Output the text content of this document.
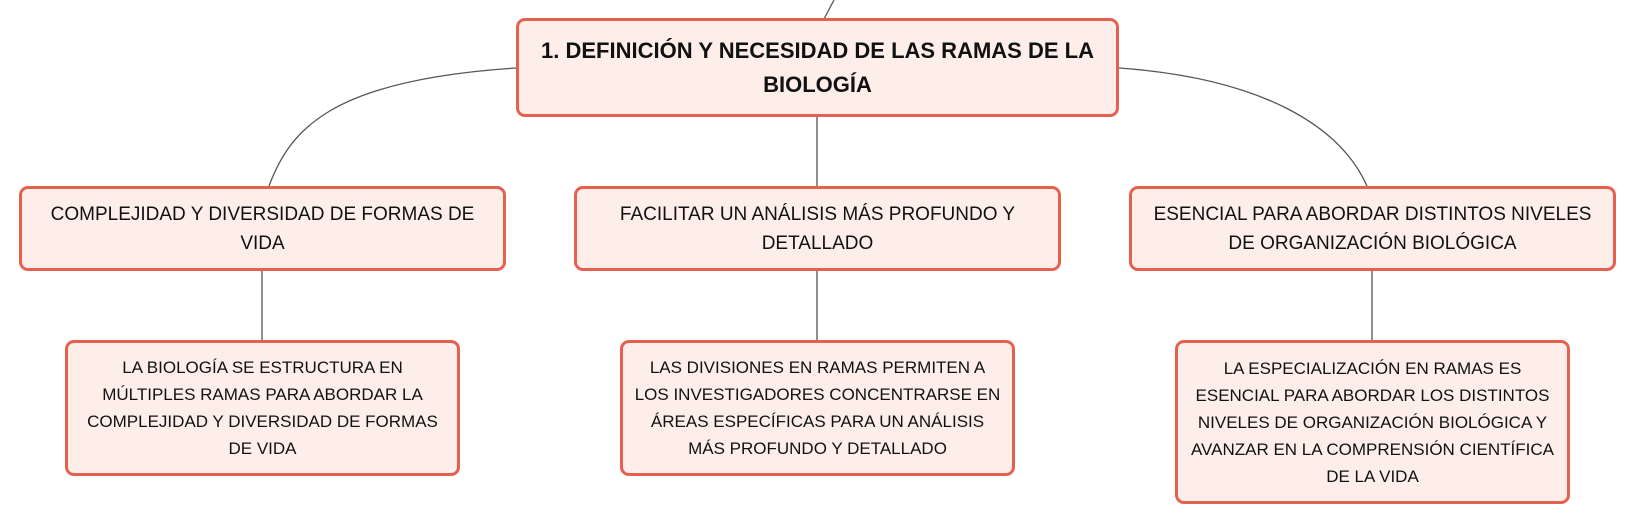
1. DEFINICIÓN Y NECESIDAD DE LAS RAMAS DE LA BIOLOGÍA
COMPLEJIDAD Y DIVERSIDAD DE FORMAS DE VIDA
FACILITAR UN ANÁLISIS MÁS PROFUNDO Y DETALLADO
ESENCIAL PARA ABORDAR DISTINTOS NIVELES DE ORGANIZACIÓN BIOLÓGICA
LA BIOLOGÍA SE ESTRUCTURA EN MÚLTIPLES RAMAS PARA ABORDAR LA COMPLEJIDAD Y DIVERSIDAD DE FORMAS DE VIDA
LAS DIVISIONES EN RAMAS PERMITEN A LOS INVESTIGADORES CONCENTRARSE EN ÁREAS ESPECÍFICAS PARA UN ANÁLISIS MÁS PROFUNDO Y DETALLADO
LA ESPECIALIZACIÓN EN RAMAS ES ESENCIAL PARA ABORDAR LOS DISTINTOS NIVELES DE ORGANIZACIÓN BIOLÓGICA Y AVANZAR EN LA COMPRENSIÓN CIENTÍFICA DE LA VIDA
